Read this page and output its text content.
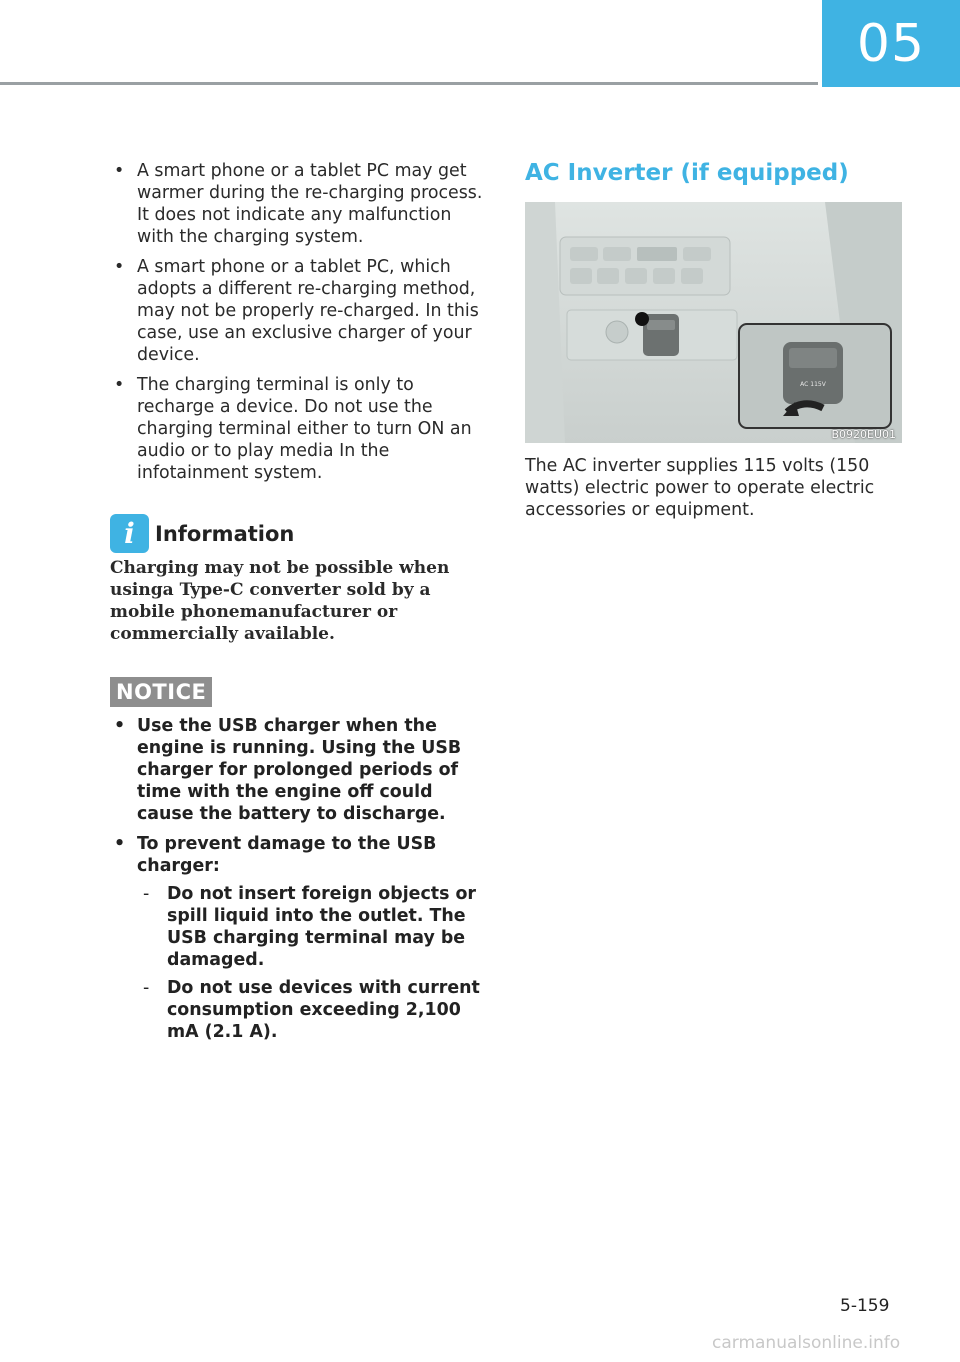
05
• A smart phone or a tablet PC may get warmer during the re-charging process. It does not indicate any malfunction with the charging system.
• A smart phone or a tablet PC, which adopts a different re-charging method, may not be properly re-charged. In this case, use an exclusive charger of your device.
• The charging terminal is only to recharge a device. Do not use the charging terminal either to turn ON an audio or to play media In the infotainment system.
i Information
Charging may not be possible when usinga Type-C converter sold by a mobile phonemanufacturer or commercially available.
NOTICE
• Use the USB charger when the engine is running. Using the USB charger for prolonged periods of time with the engine off could cause the battery to discharge.
• To prevent damage to the USB charger:
- Do not insert foreign objects or spill liquid into the outlet. The USB charging terminal may be damaged.
- Do not use devices with current consumption exceeding 2,100 mA (2.1 A).
AC Inverter (if equipped)
AC 115V
B0920EU01
The AC inverter supplies 115 volts (150 watts) electric power to operate electric accessories or equipment.
5-159
carmanualsonline.info
